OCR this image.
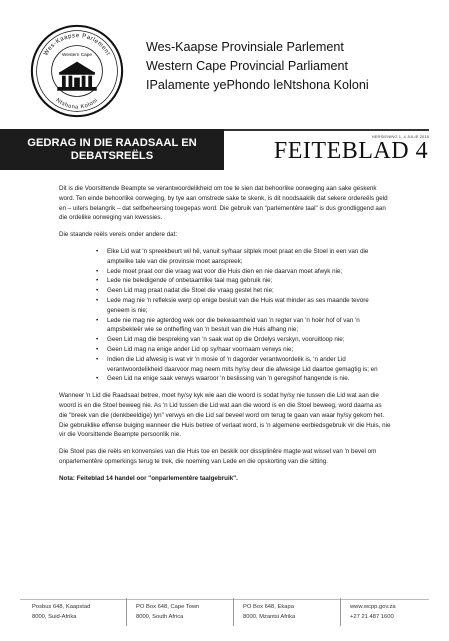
Wes-Kaapse Parlement
Ntshona Koloni
Western Cape
Wes-Kaapse Provinsiale Parlement
Western Cape Provincial Parliament
IPalamente yePhondo leNtshona Koloni
GEDRAG IN DIE RAADSAAL EN DEBATSREËLS
HERSIENING 1, 4 JULIE 2018
FEITEBLAD 4

Dit is die Voorsittende Beampte se verantwoordelikheid om toe te sien dat behoorlike oorweging aan sake geskenk word. Ten einde behoorlike oorweging, by tye aan omstrede sake te skenk, is dit noodsaaklik dat sekere ordereëls geld en – uiters belangrik – dat selfbeheersing toegepas word. Die gebruik van "parlementêre taal" is dus grondliggend aan die ordelike oorweging van kwessies.

Die staande reëls vereis onder andere dat:

• Elke Lid wat 'n spreekbeurt wil hê, vanuit sy/haar sitplek moet praat en die Stoel in een van die amptelike tale van die provinsie moet aanspreek;
• Lede moet praat oor die vraag wat voor die Huis dien en nie daarvan moet afwyk nie;
• Lede nie beledigende of onbetaamlike taal mag gebruik nie;
• Geen Lid mag praat nadat die Stoel die vraag gestel het nie;
• Lede mag nie 'n refleksie werp op enige besluit van die Huis wat minder as ses maande tevore geneem is nie;
• Lede nie mag nie agterdog wek oor die bekwaamheid van 'n regter van 'n hoër hof of van 'n ampsbekleër wie se ontheffing van 'n besluit van die Huis afhang nie;
• Geen Lid mag die bespreking van 'n saak wat op die Ordelys verskyn, vooruitloop nie;
• Geen Lid mag na enige ander Lid op sy/haar voornaam verwys nie;
• Indien die Lid afwesig is wat vir 'n mosie of 'n dagorder verantwoordelik is, 'n ander Lid verantwoordelikheid daarvoor mag neem mits hy/sy deur die afwesige Lid daartoe gemagtig is; en
• Geen Lid na enige saak verwys waaroor 'n beslissing van 'n geregshof hangende is nie.

Wanneer 'n Lid die Raadsaal betree, moet hy/sy kyk wie aan die woord is sodat hy/sy nie tussen die Lid wat aan die woord is en die Stoel beweeg nie. As 'n Lid tussen die Lid wat aan die woord is en die Stoel beweeg, word daarna as die "breek van die (denkbeeldige) lyn" verwys en die Lid sal beveel word om terug te gaan van waar hy/sy gekom het. Die gebruiklike effense buiging wanneer die Huis betree of verlaat word, is 'n algemene eerbiedsgebruik vir die Huis, nie vir die Voorsittende Beampte persoonlik nie.

Die Stoel pas die reëls en konvensies van die Huis toe en beskik oor dissiplinêre magte wat wissel van 'n bevel om onparlementêre opmerkings terug te trek, die noeming van Lede en die opskorting van die sitting.

Nota: Feiteblad 14 handel oor "onparlementêre taalgebruik".

Posbus 648, Kaapstad
8000, Suid-Afrika
PO Box 648, Cape Town
8000, South Africa
PO Box 648, Ekapa
8000, Mzantsi Afrika
www.wcpp.gov.za
+27 21 487 1600
